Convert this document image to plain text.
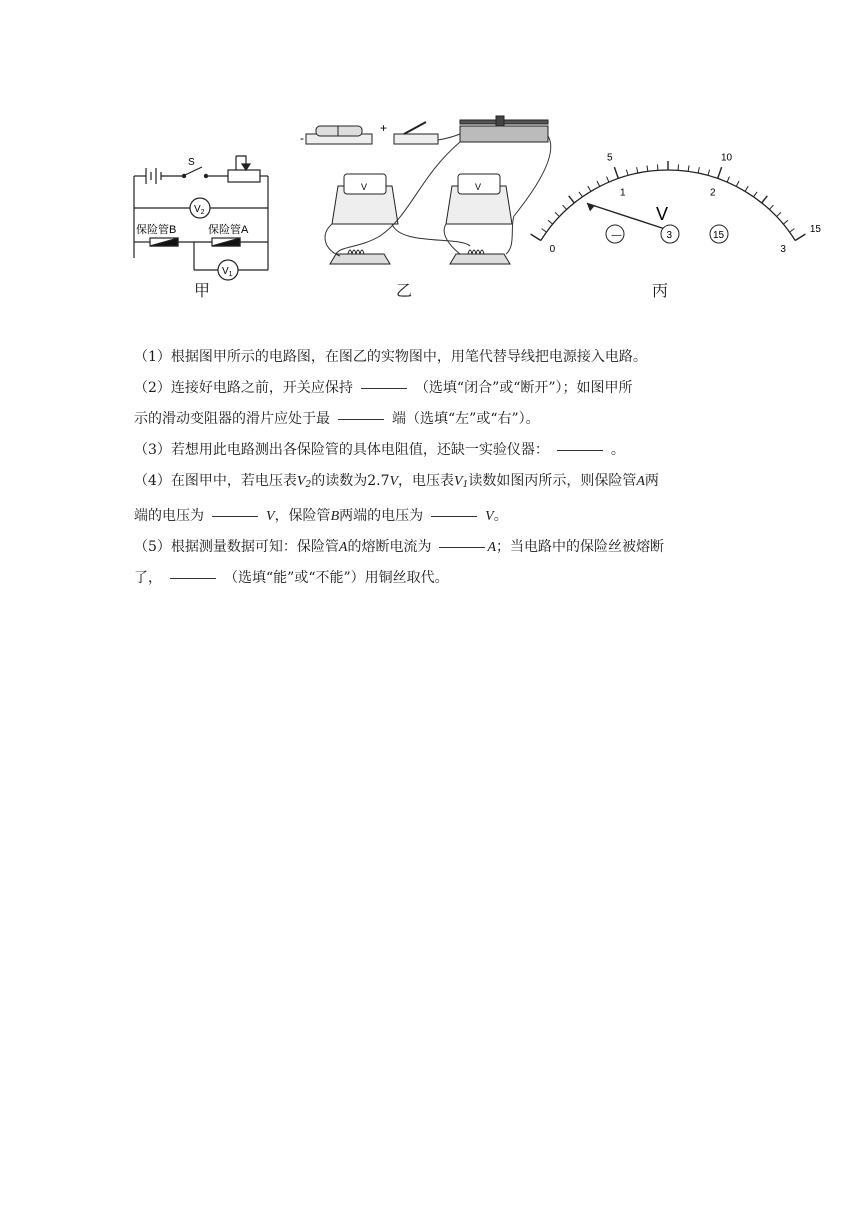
S
$V_2$
$V_1$
保险管B	保险管A
甲
+
-
V	V
乙
V
5	10
15
0
1	2
3
—	3	15
丙

（1）根据图甲所示的电路图，在图乙的实物图中，用笔代替导线把电源接入电路。

（2）连接好电路之前，开关应保持	（选填“闭合”或“断开”）；如图甲所

示的滑动变阻器的滑片应处于最	端（选填“左”或“右”）。

（3）若想用此电路测出各保险管的具体电阻值，还缺一实验仪器：	。

（4）在图甲中，若电压表$V_2$的读数为2.7V，电压表$V_1$读数如图丙所示，则保险管A两

端的电压为	V，保险管B两端的电压为	V。

（5）根据测量数据可知：保险管A的熔断电流为	A；当电路中的保险丝被熔断

了，	（选填“能”或“不能”）用铜丝取代。
